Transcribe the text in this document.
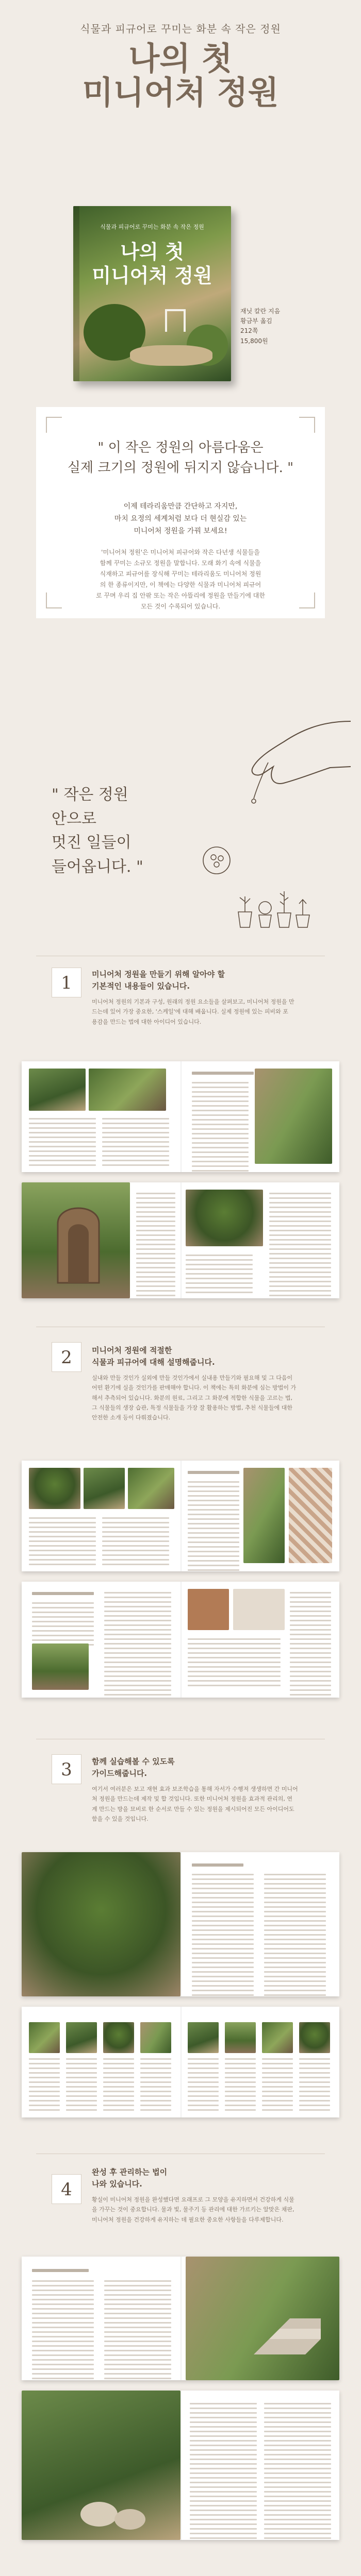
식물과 피규어로 꾸미는 화분 속 작은 정원
나의 첫
미니어처 정원
식물과 피규어로 꾸미는 화분 속 작은 정원
나의 첫
미니어처 정원
재닛 칼란 지음
황금부 옮김
212쪽
15,800원
" 이 작은 정원의 아름다움은
실제 크기의 정원에 뒤지지 않습니다. "
이제 테라리움만큼 간단하고 자지만,
마치 요정의 세계처럼 보다 더 현실감 있는
미니어처 정원을 가꿔 보세요!
'미니어처 정원'은 미니어처 피규어와 작은 다년생 식물들을
함께 꾸미는 소규모 정원을 말합니다. 모래 화기 속에 식물을
식재하고 피규어를 장식해 꾸미는 테라리움도 미니어처 정원
의 한 종류이지만, 이 책에는 다양한 식물과 미니어처 피규어
로 꾸며 우리 집 안팎 또는 작은 아뜰리에 정원을 만들기에 대한
모든 것이 수록되어 있습니다.
" 작은 정원
안으로
멋진 일들이
들어옵니다. "
1	미니어처 정원을 만들기 위해 알아야 할
기본적인 내용들이 있습니다.
미니어처 정원의 기본과 구성, 원래의 정원 요소들을 살펴보고, 미니어처 정원을 만
드는데 있어 가장 중요한, '스케일'에 대해 배웁니다. 실제 정원에 있는 피비와 포
용감을 만드는 법에 대한 아이디어 있습니다.
2	미니어처 정원에 적절한
식물과 피규어에 대해 설명해줍니다.
실내와 만들 것인가 실외에 만들 것인가에서 실내용 만들기와 필요해 및 그 다음이
어떤 환기에 실을 것인가를 판매해야 합니다. 이 책에는 특히 화분에 심는 방법이 가
해서 추측되어 있습니다. 화분의 원료, 그리고 그 화분에 적합한 식물을 고르는 법,
그 식물들의 생장 습관, 특정 식물들을 가장 잘 활용하는 방법, 추천 식물들에 대한
안전한 소개 등이 다뤄졌습니다.
3	함께 실습해볼 수 있도록
가이드해줍니다.
여기서 여러분은 보고 재현 효과 보조학습을 통해 자서가 수행져 생생하면 간 미니어
처 정원을 만드는데 제작 및 합 것입니다. 또한 미니어처 정원을 효과적 관리의, 연
계 만드는 방을 묘비로 한 순서로 만들 수 있는 정원을 제시되어진 모든 아이디어도
함을 수 있을 것입니다.
4
완성 후 관리하는 법이
나와 있습니다.
황실이 미니어처 정원을 완성했다면 요래프로 그 모양을 유지하면서 건강하게 식물
을 가꾸는 것이 중요합니다. 물과 빛, 물주기 등 관리에 대한 가르키는 알맞은 채판,
미니어처 정원을 건강하게 유지하는 데 필요한 중요한 사항들을 다루제합니다.
